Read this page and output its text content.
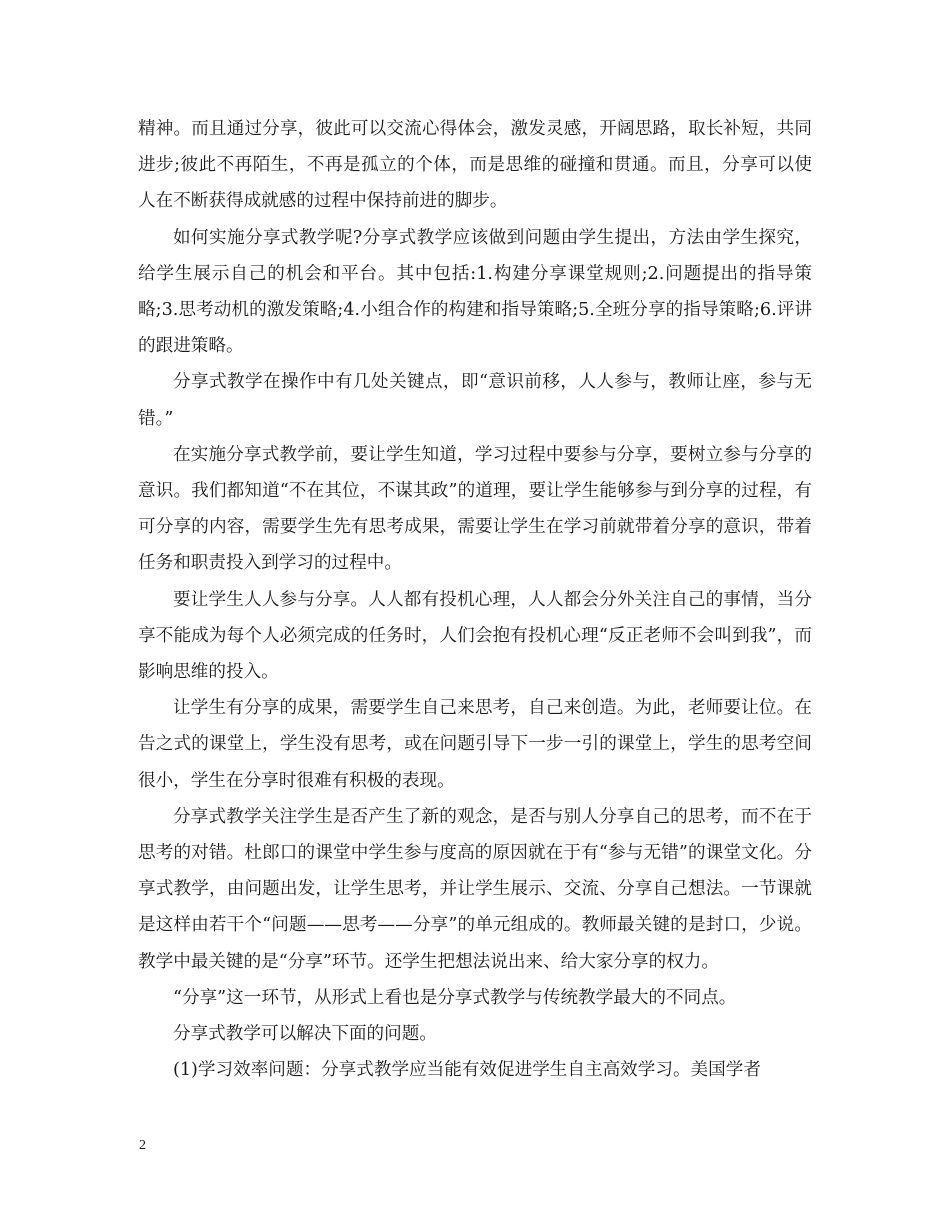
精神。而且通过分享，彼此可以交流心得体会，激发灵感，开阔思路，取长补短，共同进步;彼此不再陌生，不再是孤立的个体，而是思维的碰撞和贯通。而且，分享可以使人在不断获得成就感的过程中保持前进的脚步。

如何实施分享式教学呢?分享式教学应该做到问题由学生提出，方法由学生探究，给学生展示自己的机会和平台。其中包括:1.构建分享课堂规则;2.问题提出的指导策略;3.思考动机的激发策略;4.小组合作的构建和指导策略;5.全班分享的指导策略;6.评讲的跟进策略。

分享式教学在操作中有几处关键点，即“意识前移，人人参与，教师让座，参与无错。”

在实施分享式教学前，要让学生知道，学习过程中要参与分享，要树立参与分享的意识。我们都知道“不在其位，不谋其政”的道理，要让学生能够参与到分享的过程，有可分享的内容，需要学生先有思考成果，需要让学生在学习前就带着分享的意识，带着任务和职责投入到学习的过程中。

要让学生人人参与分享。人人都有投机心理，人人都会分外关注自己的事情，当分享不能成为每个人必须完成的任务时，人们会抱有投机心理“反正老师不会叫到我”，而影响思维的投入。

让学生有分享的成果，需要学生自己来思考，自己来创造。为此，老师要让位。在告之式的课堂上，学生没有思考，或在问题引导下一步一引的课堂上，学生的思考空间很小，学生在分享时很难有积极的表现。

分享式教学关注学生是否产生了新的观念，是否与别人分享自己的思考，而不在于思考的对错。杜郎口的课堂中学生参与度高的原因就在于有“参与无错”的课堂文化。分享式教学，由问题出发，让学生思考，并让学生展示、交流、分享自己想法。一节课就是这样由若干个“问题——思考——分享”的单元组成的。教师最关键的是封口，少说。教学中最关键的是“分享”环节。还学生把想法说出来、给大家分享的权力。

“分享”这一环节，从形式上看也是分享式教学与传统教学最大的不同点。

分享式教学可以解决下面的问题。

(1)学习效率问题：分享式教学应当能有效促进学生自主高效学习。美国学者

2
